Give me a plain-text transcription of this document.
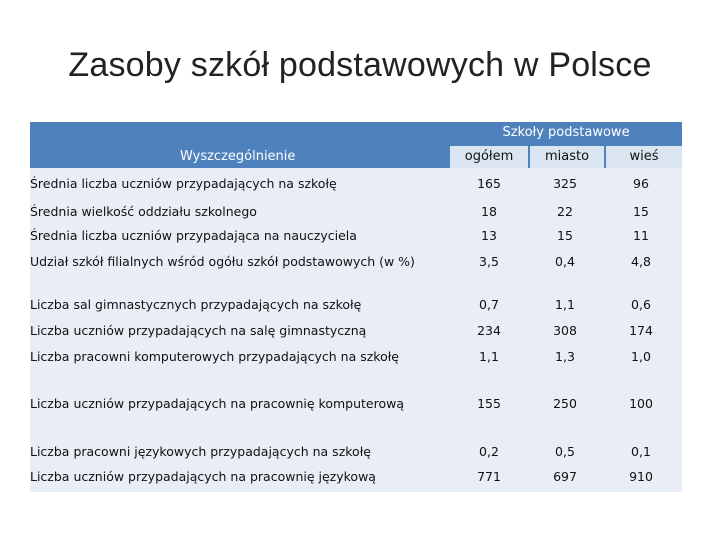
Zasoby szkół podstawowych w Polsce
Szkoły podstawowe
Wyszczególnienie	ogółem	miasto	wieś
Średnia liczba uczniów przypadających na szkołę	165	325	96
Średnia wielkość oddziału szkolnego	18	22	15
Średnia liczba uczniów przypadająca na nauczyciela	13	15	11
Udział szkół filialnych wśród ogółu szkół podstawowych (w %)	3,5	0,4	4,8
Liczba sal gimnastycznych przypadających na szkołę	0,7	1,1	0,6
Liczba uczniów przypadających na salę gimnastyczną	234	308	174
Liczba pracowni komputerowych przypadających na szkołę	1,1	1,3	1,0
Liczba uczniów przypadających na pracownię komputerową	155	250	100
Liczba pracowni językowych przypadających na szkołę	0,2	0,5	0,1
Liczba uczniów przypadających na pracownię językową	771	697	910
